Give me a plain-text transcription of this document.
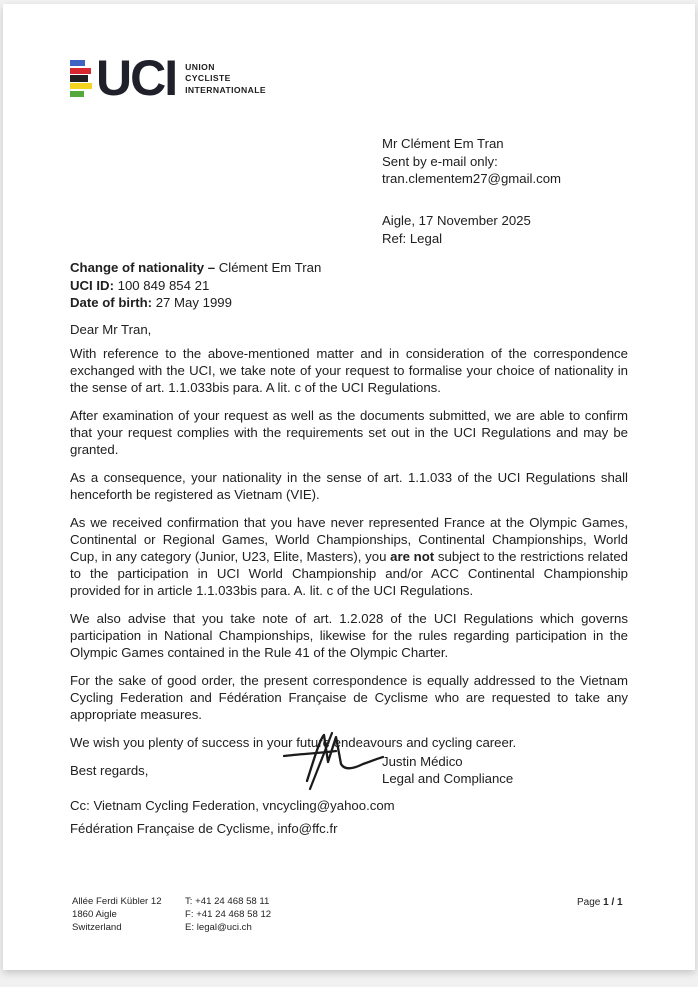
UCI UNION
CYCLISTE
INTERNATIONALE
Mr Clément Em Tran
Sent by e-mail only:
tran.clementem27@gmail.com
Aigle, 17 November 2025
Ref: Legal
Change of nationality – Clément Em Tran
UCI ID: 100 849 854 21
Date of birth: 27 May 1999

Dear Mr Tran,

With reference to the above-mentioned matter and in consideration of the correspondence exchanged with the UCI, we take note of your request to formalise your choice of nationality in the sense of art. 1.1.033bis para. A lit. c of the UCI Regulations.

After examination of your request as well as the documents submitted, we are able to confirm that your request complies with the requirements set out in the UCI Regulations and may be granted.

As a consequence, your nationality in the sense of art. 1.1.033 of the UCI Regulations shall henceforth be registered as Vietnam (VIE).

As we received confirmation that you have never represented France at the Olympic Games, Continental or Regional Games, World Championships, Continental Championships, World Cup, in any category (Junior, U23, Elite, Masters), you are not subject to the restrictions related to the participation in UCI World Championship and/or ACC Continental Championship provided for in article 1.1.033bis para. A. lit. c of the UCI Regulations.

We also advise that you take note of art. 1.2.028 of the UCI Regulations which governs participation in National Championships, likewise for the rules regarding participation in the Olympic Games contained in the Rule 41 of the Olympic Charter.

For the sake of good order, the present correspondence is equally addressed to the Vietnam Cycling Federation and Fédération Française de Cyclisme who are requested to take any appropriate measures.

We wish you plenty of success in your future endeavours and cycling career.

Best regards,

Justin Médico
Legal and Compliance
Cc: Vietnam Cycling Federation, vncycling@yahoo.com
Fédération Française de Cyclisme, info@ffc.fr
Allée Ferdi Kübler 12
1860 Aigle
Switzerland
T: +41 24 468 58 11
F: +41 24 468 58 12
E: legal@uci.ch
Page 1 / 1
